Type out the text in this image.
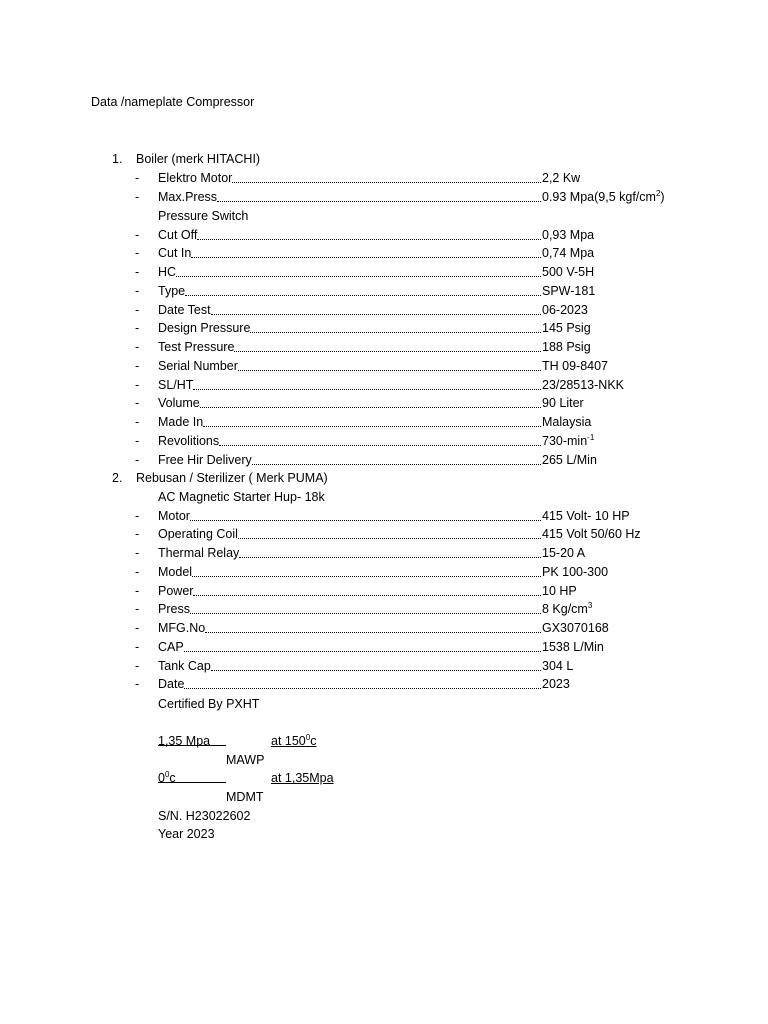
Data /nameplate Compressor
1. Boiler (merk HITACHI)
- Elektro Motor	2,2 Kw
- Max.Press	0.93 Mpa(9,5 kgf/$cm^2$)
Pressure Switch
- Cut Off	0,93 Mpa
- Cut In	0,74 Mpa
- HC	500 V-5H
- Type	SPW-181
- Date Test	06-2023
- Design Pressure	145 Psig
- Test Pressure	188 Psig
- Serial Number	TH 09-8407
- SL/HT	23/28513-NKK
- Volume	90 Liter
- Made In	Malaysia
- Revolitions	$730-\min^{-1}$
- Free Hir Delivery	265 L/Min
2. Rebusan / Sterilizer ( Merk PUMA)
AC Magnetic Starter Hup- 18k
- Motor	415 Volt- 10 HP
- Operating Coil	415 Volt 50/60 Hz
- Thermal Relay	15-20 A
- Model	PK 100-300
- Power	10 HP
- Press	8 $Kg/cm^3$
- MFG.No	GX3070168
- CAP	1538 L/Min
- Tank Cap	304 L
- Date	2023
Certified By PXHT
1,35 Mpa	at $150^0c$
MAWP
$0^0c$	at 1,35Mpa
MDMT
S/N. H23022602
Year 2023
